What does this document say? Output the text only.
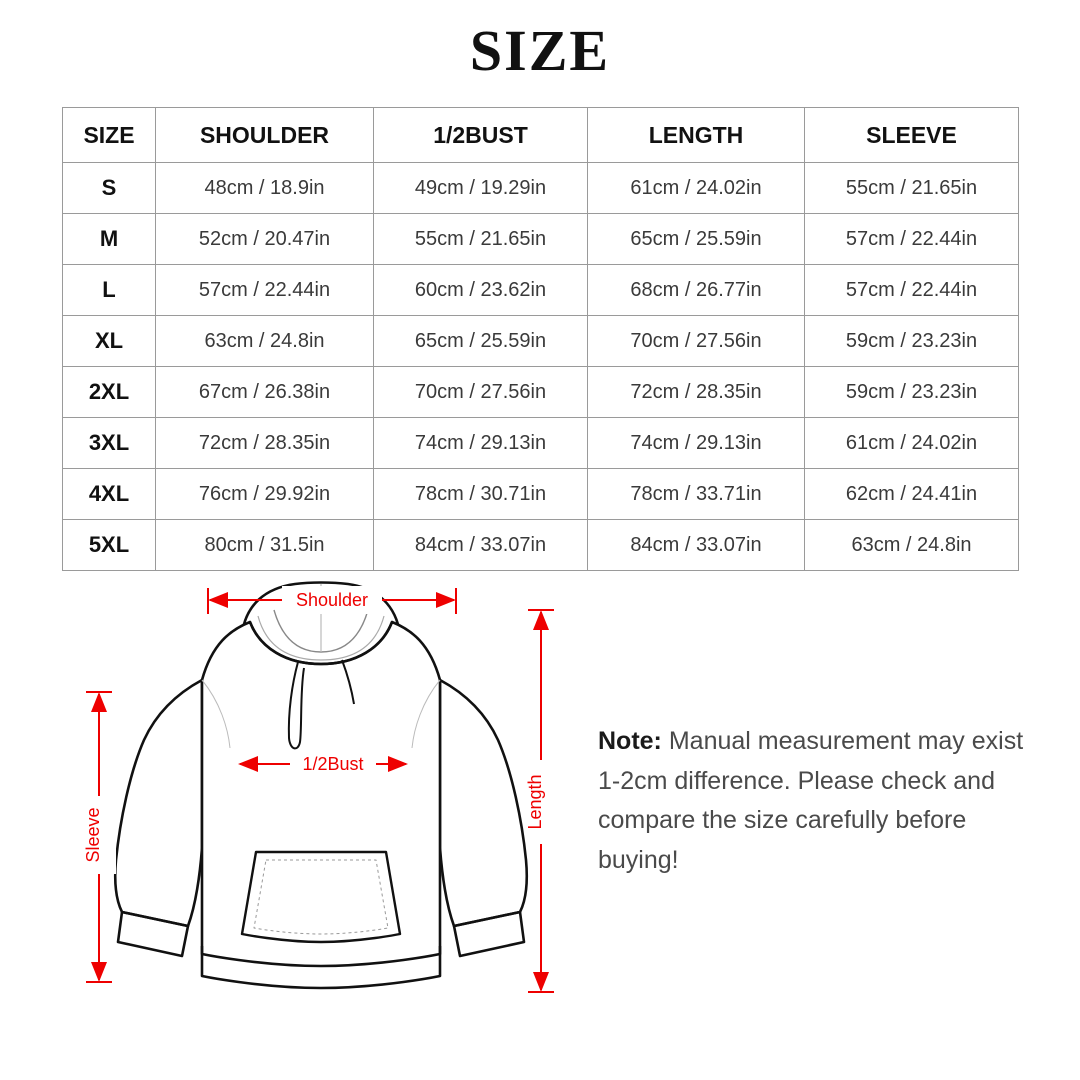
SIZE
SIZE	SHOULDER	1/2BUST	LENGTH	SLEEVE
S	48cm / 18.9in	49cm / 19.29in	61cm / 24.02in	55cm / 21.65in
M	52cm / 20.47in	55cm / 21.65in	65cm / 25.59in	57cm / 22.44in
L	57cm / 22.44in	60cm / 23.62in	68cm / 26.77in	57cm / 22.44in
XL	63cm / 24.8in	65cm / 25.59in	70cm / 27.56in	59cm / 23.23in
2XL	67cm / 26.38in	70cm / 27.56in	72cm / 28.35in	59cm / 23.23in
3XL	72cm / 28.35in	74cm / 29.13in	74cm / 29.13in	61cm / 24.02in
4XL	76cm / 29.92in	78cm / 30.71in	78cm / 33.71in	62cm / 24.41in
5XL	80cm / 31.5in	84cm / 33.07in	84cm / 33.07in	63cm / 24.8in
Shoulder
1/2Bust
Length
Sleeve
Note: Manual measurement may exist 1-2cm difference. Please check and compare the size carefully before buying!
